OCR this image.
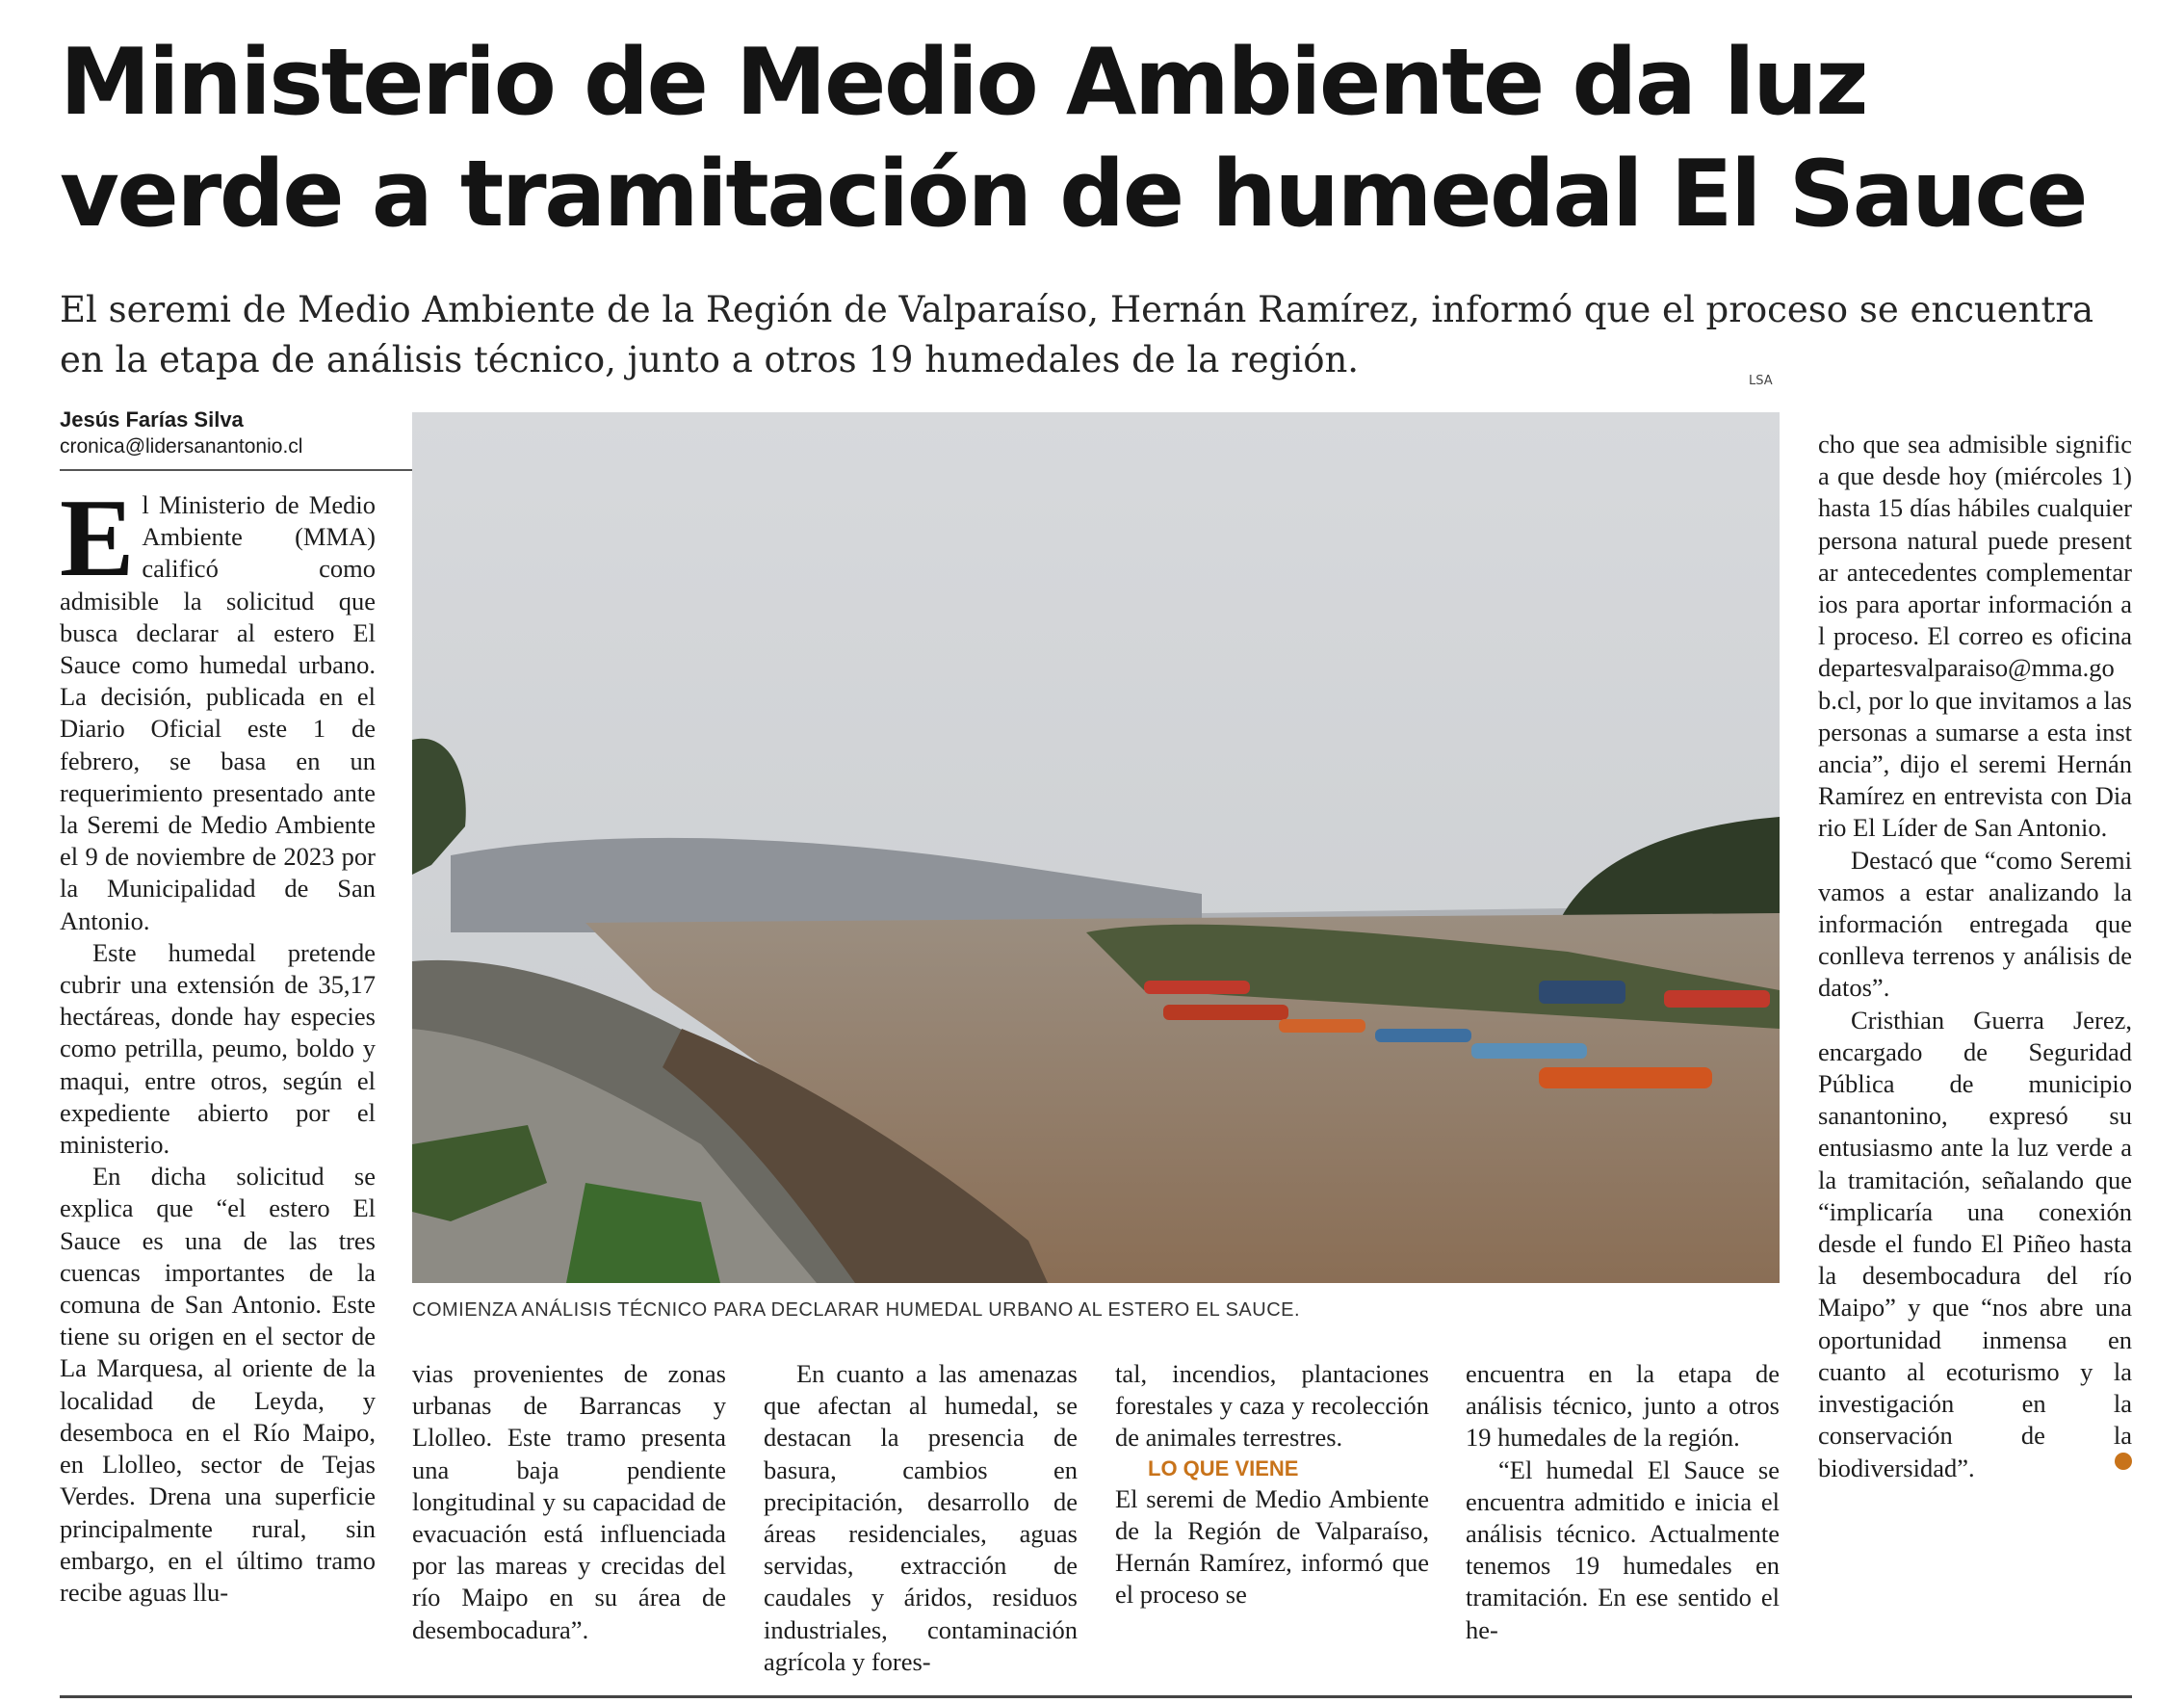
Ministerio de Medio Ambiente da luz
verde a tramitación de humedal El Sauce

El seremi de Medio Ambiente de la Región de Valparaíso, Hernán Ramírez, informó que el proceso se encuentra
en la etapa de análisis técnico, junto a otros 19 humedales de la región.

LSA
Jesús Farías Silva
cronica@lidersanantonio.cl

El Ministerio de Medio Ambiente (MMA) calificó como admisible la solicitud que busca declarar al estero El Sauce como humedal urbano. La decisión, publicada en el Diario Oficial este 1 de febrero, se basa en un requerimiento presentado ante la Seremi de Medio Ambiente el 9 de noviembre de 2023 por la Municipalidad de San Antonio.

Este humedal pretende cubrir una extensión de 35,17 hectáreas, donde hay especies como petrilla, peumo, boldo y maqui, entre otros, según el expediente abierto por el ministerio.

En dicha solicitud se explica que “el estero El Sauce es una de las tres cuencas importantes de la comuna de San Antonio. Este tiene su origen en el sector de La Marquesa, al oriente de la localidad de Leyda, y desemboca en el Río Maipo, en Llolleo, sector de Tejas Verdes. Drena una superficie principalmente rural, sin embargo, en el último tramo recibe aguas llu-

COMIENZA ANÁLISIS TÉCNICO PARA DECLARAR HUMEDAL URBANO AL ESTERO EL SAUCE.

vias provenientes de zonas urbanas de Barrancas y Llolleo. Este tramo presenta una baja pendiente longitudinal y su capacidad de evacuación está influenciada por las mareas y crecidas del río Maipo en su área de desembocadura”.

En cuanto a las amenazas que afectan al humedal, se destacan la presencia de basura, cambios en precipitación, desarrollo de áreas residenciales, aguas servidas, extracción de caudales y áridos, residuos industriales, contaminación agrícola y fores-

tal, incendios, plantaciones forestales y caza y recolección de animales terrestres.

LO QUE VIENE

El seremi de Medio Ambiente de la Región de Valparaíso, Hernán Ramírez, informó que el proceso se

encuentra en la etapa de análisis técnico, junto a otros 19 humedales de la región.

“El humedal El Sauce se encuentra admitido e inicia el análisis técnico. Actualmente tenemos 19 humedales en tramitación. En ese sentido el he-

cho que sea admisible significa que desde hoy (miércoles 1) hasta 15 días hábiles cualquier persona natural puede presentar antecedentes complementarios para aportar información al proceso. El correo es oficinadepartesvalparaiso@mma.gob.cl, por lo que invitamos a las personas a sumarse a esta instancia”, dijo el seremi Hernán Ramírez en entrevista con Diario El Líder de San Antonio.

Destacó que “como Seremi vamos a estar analizando la información entregada que conlleva terrenos y análisis de datos”.

Cristhian Guerra Jerez, encargado de Seguridad Pública de municipio sanantonino, expresó su entusiasmo ante la luz verde a la tramitación, señalando que “implicaría una conexión desde el fundo El Piñeo hasta la desembocadura del río Maipo” y que “nos abre una oportunidad inmensa en cuanto al ecoturismo y la investigación en la conservación de la biodiversidad”.	+
